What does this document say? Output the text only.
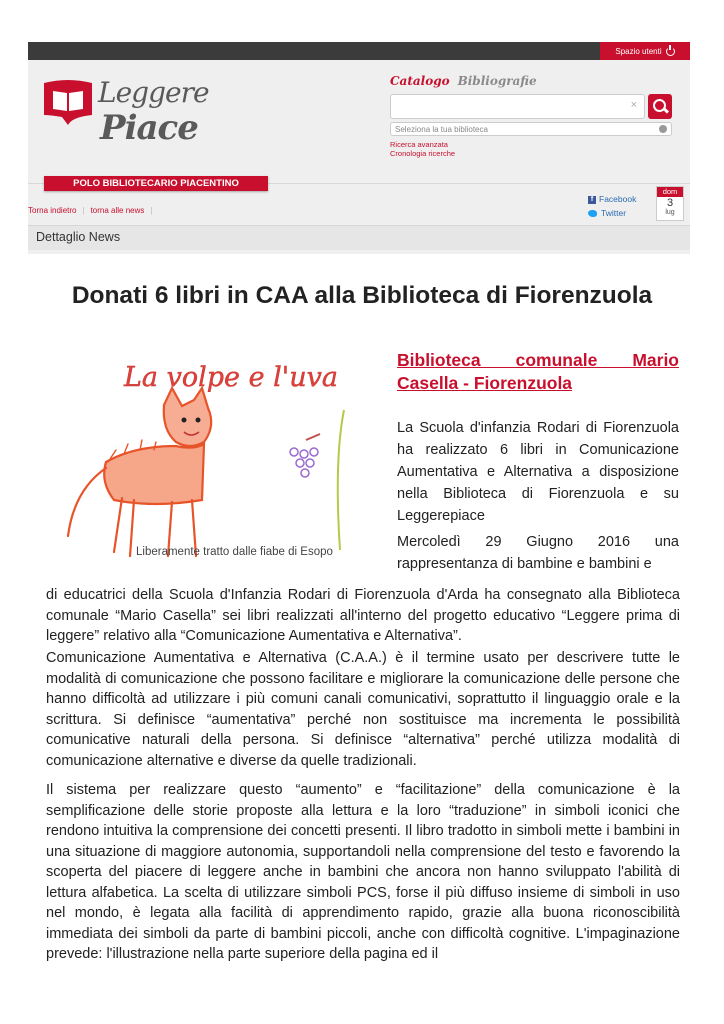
Spazio utenti
Leggere
Piace
Catalogo Bibliografie
×
Seleziona la tua biblioteca
Ricerca avanzata
Cronologia ricerche
POLO BIBLIOTECARIO PIACENTINO
Torna indietro | torna alle news |
f Facebook
Twitter
dom
3
lug
Dettaglio News
Donati 6 libri in CAA alla Biblioteca di Fiorenzuola
La volpe e l'uva
Liberamente tratto dalle fiabe di Esopo
Biblioteca comunale Mario Casella - Fiorenzuola

La Scuola d'infanzia Rodari di Fiorenzuola ha realizzato 6 libri in Comunicazione Aumentativa e Alternativa a disposizione nella Biblioteca di Fiorenzuola e su Leggerepiace

Mercoledì 29 Giugno 2016 una rappresentanza di bambine e bambini e

di educatrici della Scuola d'Infanzia Rodari di Fiorenzuola d'Arda ha consegnato alla Biblioteca comunale “Mario Casella” sei libri realizzati all'interno del progetto educativo “Leggere prima di leggere” relativo alla “Comunicazione Aumentativa e Alternativa”.

Comunicazione Aumentativa e Alternativa (C.A.A.) è il termine usato per descrivere tutte le modalità di comunicazione che possono facilitare e migliorare la comunicazione delle persone che hanno difficoltà ad utilizzare i più comuni canali comunicativi, soprattutto il linguaggio orale e la scrittura. Si definisce “aumentativa” perché non sostituisce ma incrementa le possibilità comunicative naturali della persona. Si definisce “alternativa” perché utilizza modalità di comunicazione alternative e diverse da quelle tradizionali.

Il sistema per realizzare questo “aumento” e “facilitazione” della comunicazione è la semplificazione delle storie proposte alla lettura e la loro “traduzione” in simboli iconici che rendono intuitiva la comprensione dei concetti presenti. Il libro tradotto in simboli mette i bambini in una situazione di maggiore autonomia, supportandoli nella comprensione del testo e favorendo la scoperta del piacere di leggere anche in bambini che ancora non hanno sviluppato l'abilità di lettura alfabetica. La scelta di utilizzare simboli PCS, forse il più diffuso insieme di simboli in uso nel mondo, è legata alla facilità di apprendimento rapido, grazie alla buona riconoscibilità immediata dei simboli da parte di bambini piccoli, anche con difficoltà cognitive. L'impaginazione prevede: l'illustrazione nella parte superiore della pagina ed il
